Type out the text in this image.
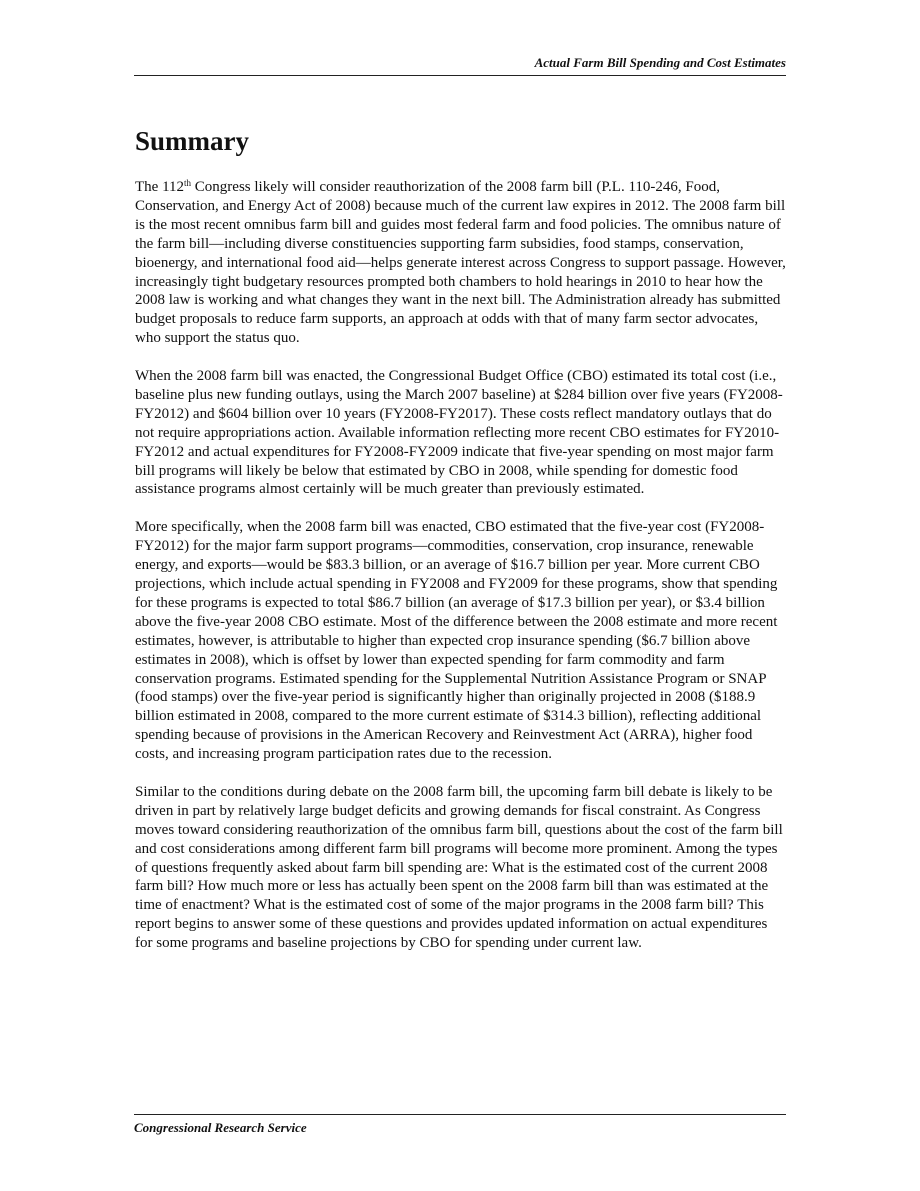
Actual Farm Bill Spending and Cost Estimates
Summary

The 112th Congress likely will consider reauthorization of the 2008 farm bill (P.L. 110-246, Food, Conservation, and Energy Act of 2008) because much of the current law expires in 2012. The 2008 farm bill is the most recent omnibus farm bill and guides most federal farm and food policies. The omnibus nature of the farm bill—including diverse constituencies supporting farm subsidies, food stamps, conservation, bioenergy, and international food aid—helps generate interest across Congress to support passage. However, increasingly tight budgetary resources prompted both chambers to hold hearings in 2010 to hear how the 2008 law is working and what changes they want in the next bill. The Administration already has submitted budget proposals to reduce farm supports, an approach at odds with that of many farm sector advocates, who support the status quo.

When the 2008 farm bill was enacted, the Congressional Budget Office (CBO) estimated its total cost (i.e., baseline plus new funding outlays, using the March 2007 baseline) at $284 billion over five years (FY2008-FY2012) and $604 billion over 10 years (FY2008-FY2017). These costs reflect mandatory outlays that do not require appropriations action. Available information reflecting more recent CBO estimates for FY2010-FY2012 and actual expenditures for FY2008-FY2009 indicate that five-year spending on most major farm bill programs will likely be below that estimated by CBO in 2008, while spending for domestic food assistance programs almost certainly will be much greater than previously estimated.

More specifically, when the 2008 farm bill was enacted, CBO estimated that the five-year cost (FY2008-FY2012) for the major farm support programs—commodities, conservation, crop insurance, renewable energy, and exports—would be $83.3 billion, or an average of $16.7 billion per year. More current CBO projections, which include actual spending in FY2008 and FY2009 for these programs, show that spending for these programs is expected to total $86.7 billion (an average of $17.3 billion per year), or $3.4 billion above the five-year 2008 CBO estimate. Most of the difference between the 2008 estimate and more recent estimates, however, is attributable to higher than expected crop insurance spending ($6.7 billion above estimates in 2008), which is offset by lower than expected spending for farm commodity and farm conservation programs. Estimated spending for the Supplemental Nutrition Assistance Program or SNAP (food stamps) over the five-year period is significantly higher than originally projected in 2008 ($188.9 billion estimated in 2008, compared to the more current estimate of $314.3 billion), reflecting additional spending because of provisions in the American Recovery and Reinvestment Act (ARRA), higher food costs, and increasing program participation rates due to the recession.

Similar to the conditions during debate on the 2008 farm bill, the upcoming farm bill debate is likely to be driven in part by relatively large budget deficits and growing demands for fiscal constraint. As Congress moves toward considering reauthorization of the omnibus farm bill, questions about the cost of the farm bill and cost considerations among different farm bill programs will become more prominent. Among the types of questions frequently asked about farm bill spending are: What is the estimated cost of the current 2008 farm bill? How much more or less has actually been spent on the 2008 farm bill than was estimated at the time of enactment? What is the estimated cost of some of the major programs in the 2008 farm bill? This report begins to answer some of these questions and provides updated information on actual expenditures for some programs and baseline projections by CBO for spending under current law.

Congressional Research Service
